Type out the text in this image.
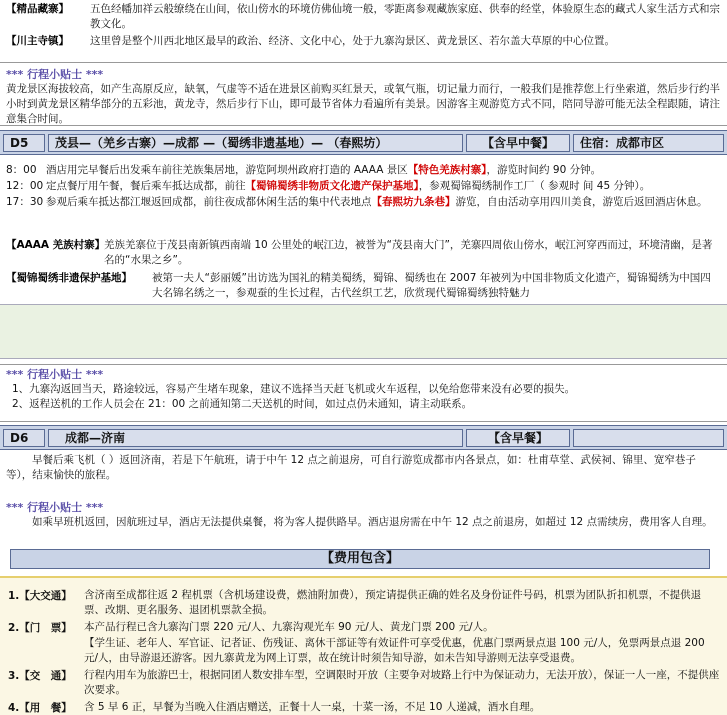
【精品藏寨】 五色经幡加祥云般缭绕在山间，依山傍水的环境仿佛仙境一般，零距离参观藏族家庭、供奉的经堂，体验原生态的藏式人家生活方式和宗教文化。
【川主寺镇】 这里曾是整个川西北地区最早的政治、经济、文化中心，处于九寨沟景区、黄龙景区、若尔盖大草原的中心位置。
*** 行程小贴士 ***
黄龙景区海拔较高，如产生高原反应，缺氧，气虚等不适在进景区前购买红景天，或氧气瓶，切记量力而行，一般我们是推荐您上行坐索道，然后步行约半小时到黄龙景区精华部分的五彩池，黄龙寺，然后步行下山，即可最节省体力看遍所有美景。因游客主观游览方式不同，陪同导游可能无法全程跟随，请注意集合时间。
D5	茂县—（羌乡古寨）—成都 —（蜀绣非遗基地）— （春熙坊）	【含早中餐】	住宿：成都市区
8：00 酒店用完早餐后出发乘车前往羌族集居地，游览阿坝州政府打造的 AAAA 景区【特色羌族村寨】，游览时间约 90 分钟。
12：00 定点餐厅用午餐，餐后乘车抵达成都，前往【蜀锦蜀绣非物质文化遗产保护基地】，参观蜀锦蜀绣制作工厂（ 参观时 间 45 分钟）。
17：30 参观后乘车抵达都江堰返回成都，前往夜成都休闲生活的集中代表地点【春熙坊九条巷】游览，自由活动享用四川美食，游览后返回酒店休息。
【AAAA 羌族村寨】
羌族羌寨位于茂县南新镇西南端 10 公里处的岷江边，被誉为“茂县南大门”，羌寨四周依山傍水，岷江河穿西而过，环境清幽，是著名的“水果之乡”。
【蜀锦蜀绣非遗保护基地】 被第一夫人“彭丽媛”出访选为国礼的精美蜀绣，蜀锦、蜀绣也在 2007 年被列为中国非物质文化遗产，蜀锦蜀绣为中国四大名锦名绣之一，参观蚕的生长过程，古代丝织工艺，欣赏现代蜀锦蜀绣独特魅力
*** 行程小贴士 ***
1、九寨沟返回当天，路途较远，容易产生堵车现象，建议不选择当天赶飞机或火车返程，以免给您带来没有必要的损失。
2、返程送机的工作人员会在 21：00 之前通知第二天送机的时间，如过点仍未通知，请主动联系。
D6	成都—济南	【含早餐】
早餐后乘飞机（ ）返回济南，若是下午航班，请于中午 12 点之前退房，可自行游览成都市内各景点，如：杜甫草堂、武侯祠、锦里、宽窄巷子等），结束愉快的旅程。
*** 行程小贴士 ***
如乘早班机返回，因航班过早，酒店无法提供桌餐，将为客人提供路早。酒店退房需在中午 12 点之前退房，如超过 12 点需续房，费用客人自理。
【费用包含】
1.【大交通】	含济南至成都往返 2 程机票（含机场建设费，燃油附加费），预定请提供正确的姓名及身份证件号码，机票为团队折扣机票，不提供退票、改期、更名服务、退团机票款全损。
2.【门　票】	本产品行程已含九寨沟门票 220 元/人、九寨沟观光车 90 元/人、黄龙门票 200 元/人。
【学生证、老年人、军官证、记者证、伤残证、离休干部证等有效证件可享受优惠，优惠门票两景点退 100 元/人，免票两景点退 200 元/人，由导游退还游客。因九寨黄龙为网上订票，故在统计时须告知导游，如未告知导游则无法享受退费。
3.【交　通】	行程内用车为旅游巴士，根据同团人数安排车型，空调限时开放（主要争对坡路上行中为保证动力，无法开放），保证一人一座，不提供座次要求。
4.【用　餐】	含 5 早 6 正，早餐为当晚入住酒店赠送，正餐十人一桌，十菜一汤，不足 10 人递减，酒水自理。
